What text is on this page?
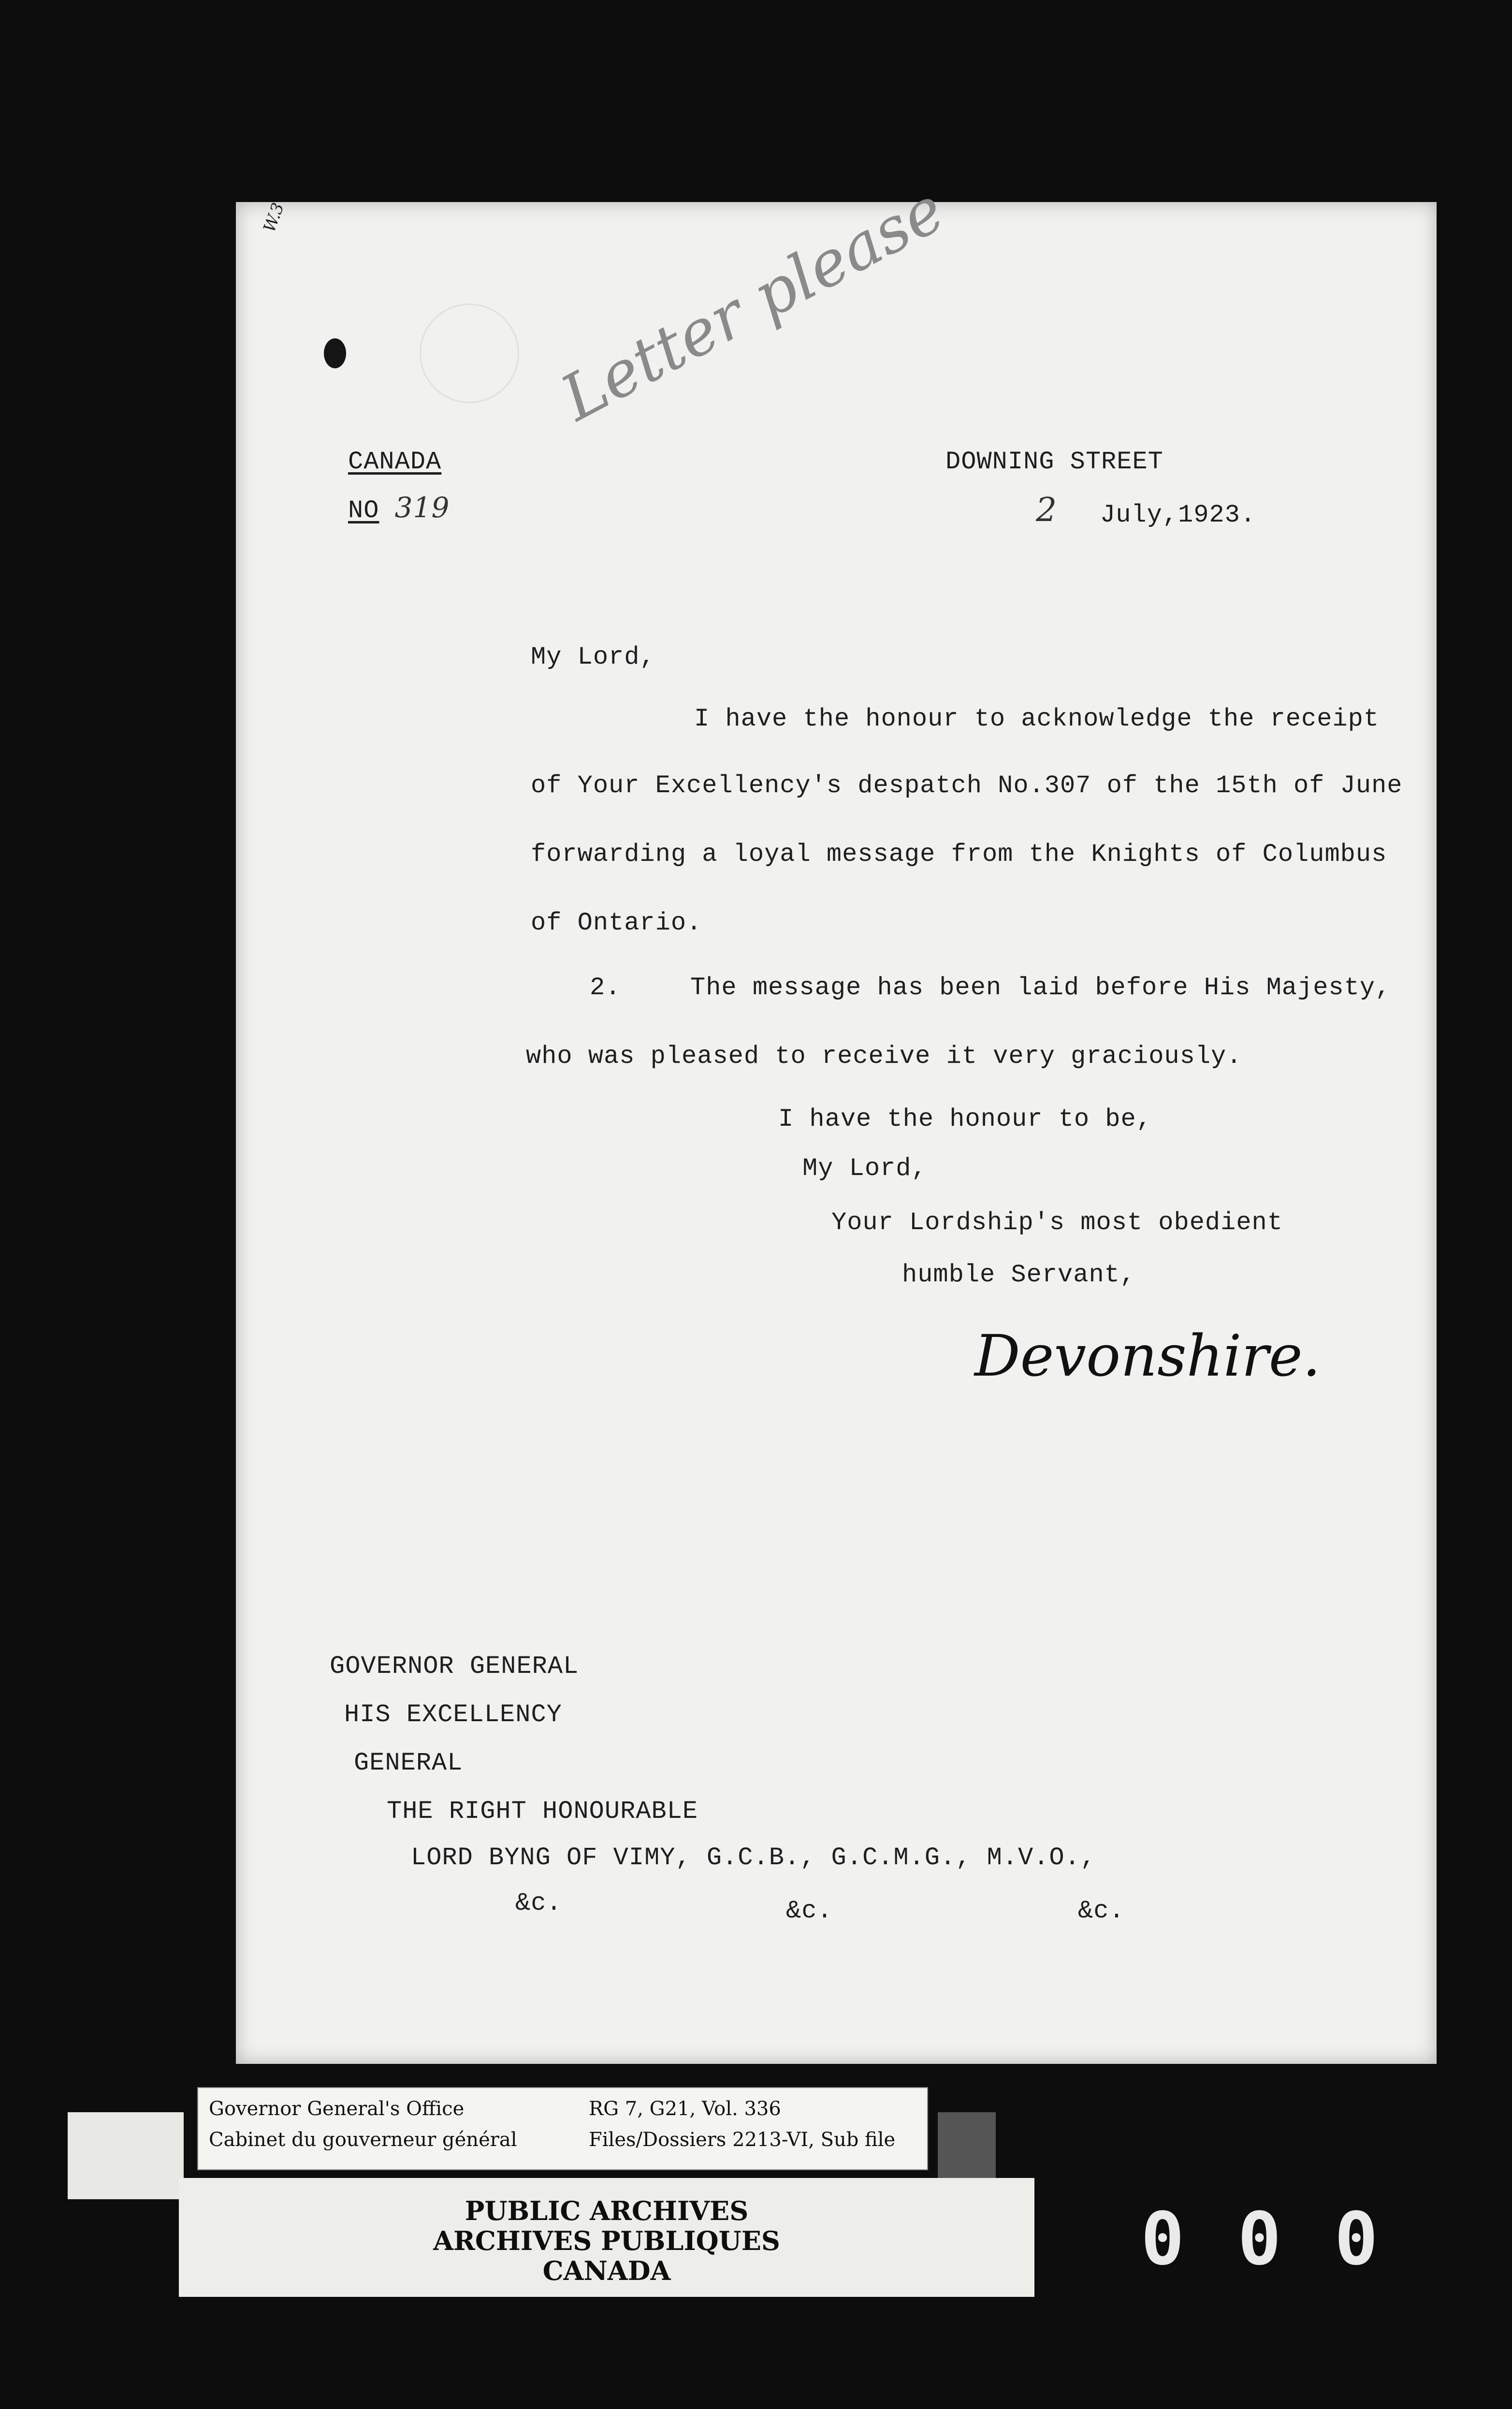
W.3	Letter please
CANADA
NO 319
DOWNING STREET
2 July,1923.
My Lord,
I have the honour to acknowledge the receipt
of Your Excellency's despatch No.307 of the 15th of June
forwarding a loyal message from the Knights of Columbus
of Ontario.
2.	The message has been laid before His Majesty,
who was pleased to receive it very graciously.
I have the honour to be,
My Lord,
Your Lordship's most obedient
humble Servant,
Devonshire.
GOVERNOR GENERAL
HIS EXCELLENCY
GENERAL
THE RIGHT HONOURABLE
LORD BYNG OF VIMY, G.C.B., G.C.M.G., M.V.O.,
&c.	&c.	&c.
Governor General's Office
Cabinet du gouverneur général
RG 7, G21, Vol. 336
Files/Dossiers 2213-VI, Sub file
PUBLIC ARCHIVES
ARCHIVES PUBLIQUES
CANADA	000
